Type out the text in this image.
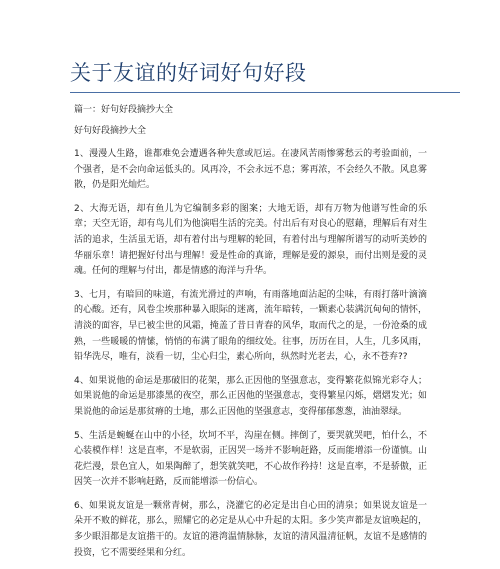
关于友谊的好词好句好段
篇一：好句好段摘抄大全
好句好段摘抄大全

1、漫漫人生路，谁都难免会遭遇各种失意或厄运。在凄风苦雨惨雾愁云的考验面前，一个强者，是不会向命运低头的。风再冷，不会永远不息；雾再浓，不会经久不散。风息雾散，仍是阳光灿烂。

2、大海无语，却有鱼儿为它编制多彩的图案；大地无语，却有万物为他谱写性命的乐章；天空无语，却有鸟儿们为他演唱生活的完美。付出后有对良心的慰藉，理解后有对生活的追求，生活虽无语，却有着付出与理解的轮回，有着付出与理解所谱写的动听美妙的华丽乐章！请把握好付出与理解！爱是性命的真谛，理解是爱的源泉，而付出则是爱的灵魂。任何的理解与付出，都是情感的海洋与升华。

3、七月，有暗回的味道，有流光滑过的声响，有雨落地面沾起的尘味，有雨打落叶滴滴的心酸。还有，风卷尘埃那种暴入眼际的迷离，流年暗转，一颗素心装满沉甸甸的情怀，清淡的面容，早已被尘世的风霜，掩盖了昔日青春的风华，取而代之的是，一份沧桑的成熟，一些暖暖的情愫，悄悄的布满了眼角的细纹处。往事，历历在目，人生，几多风雨，铅华洗尽，唯有，淡看一切，尘心归尘，素心所向，纵然时光老去，心，永不苍弃??

4、如果说他的命运是那破旧的花架，那么正因他的坚强意志，变得繁花似锦光彩夺人；如果说他的命运是那漆黑的夜空，那么正因他的坚强意志，变得繁星闪烁，熠熠发光；如果说他的命运是那贫瘠的土地，那么正因他的坚强意志，变得郁郁葱葱，油油翠绿。

5、生活是蜿蜒在山中的小径，坎坷不平，沟崖在侧。摔倒了，要哭就哭吧，怕什么，不心装模作样！这是直率，不是软弱，正因哭一场并不影响赶路，反而能增添一份谨慎。山花烂漫，景色宜人，如果陶醉了，想笑就笑吧，不心故作矜持！这是直率，不是骄傲，正因笑一次并不影响赶路，反而能增添一份信心。

6、如果说友谊是一颗常青树，那么，浇灌它的必定是出自心田的清泉；如果说友谊是一朵开不败的鲜花，那么，照耀它的必定是从心中升起的太阳。多少笑声都是友谊唤起的，多少眼泪都是友谊揩干的。友谊的港湾温情脉脉，友谊的清风温清征帆，友谊不是感情的投资，它不需要经果和分红。
